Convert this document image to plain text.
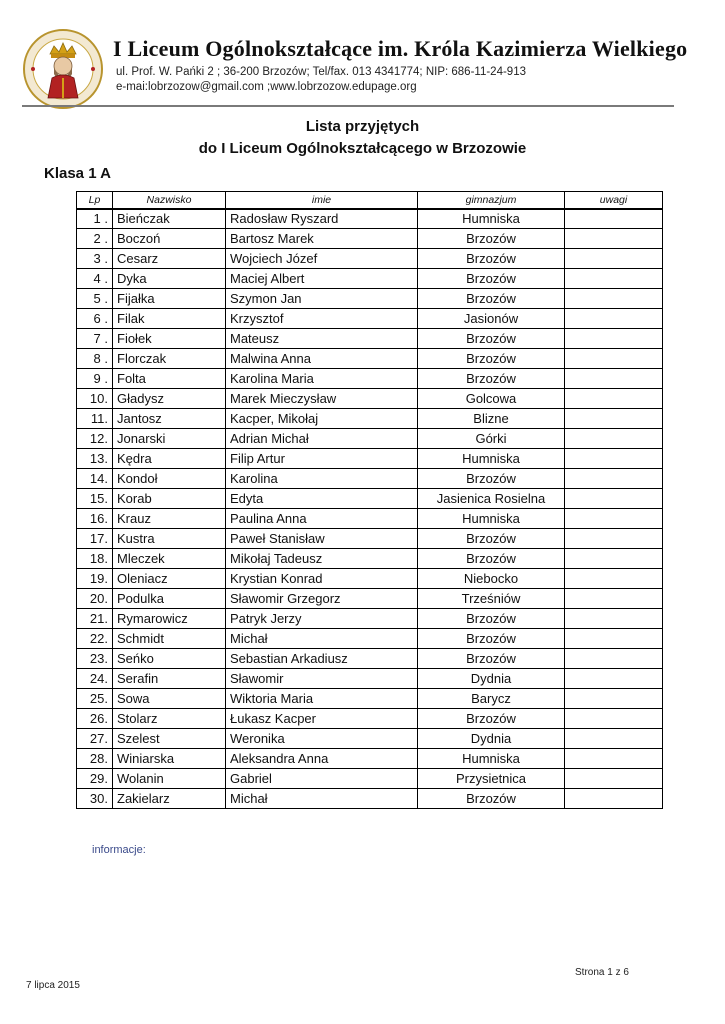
I Liceum Ogólnokształcące im. Króla Kazimierza Wielkiego
ul. Prof. W. Pańki 2 ; 36-200 Brzozów; Tel/fax. 013 4341774; NIP: 686-11-24-913
e-mai:lobrzozow@gmail.com ;www.lobrzozow.edupage.org
Lista przyjętych
do I Liceum Ogólnokształcącego w Brzozowie
Klasa 1 A
Lp	Nazwisko	imie	gimnazjum	uwagi
1 .	Bieńczak	Radosław Ryszard	Humniska	
2 .	Boczoń	Bartosz Marek	Brzozów	
3 .	Cesarz	Wojciech Józef	Brzozów	
4 .	Dyka	Maciej Albert	Brzozów	
5 .	Fijałka	Szymon Jan	Brzozów	
6 .	Filak	Krzysztof	Jasionów	
7 .	Fiołek	Mateusz	Brzozów	
8 .	Florczak	Malwina Anna	Brzozów	
9 .	Folta	Karolina Maria	Brzozów	
10.	Gładysz	Marek Mieczysław	Golcowa	
11.	Jantosz	Kacper, Mikołaj	Blizne	
12.	Jonarski	Adrian Michał	Górki	
13.	Kędra	Filip Artur	Humniska	
14.	Kondoł	Karolina	Brzozów	
15.	Korab	Edyta	Jasienica Rosielna	
16.	Krauz	Paulina Anna	Humniska	
17.	Kustra	Paweł Stanisław	Brzozów	
18.	Mleczek	Mikołaj Tadeusz	Brzozów	
19.	Oleniacz	Krystian Konrad	Niebocko	
20.	Podulka	Sławomir Grzegorz	Trześniów	
21.	Rymarowicz	Patryk Jerzy	Brzozów	
22.	Schmidt	Michał	Brzozów	
23.	Seńko	Sebastian Arkadiusz	Brzozów	
24.	Serafin	Sławomir	Dydnia	
25.	Sowa	Wiktoria Maria	Barycz	
26.	Stolarz	Łukasz Kacper	Brzozów	
27.	Szelest	Weronika	Dydnia	
28.	Winiarska	Aleksandra Anna	Humniska	
29.	Wolanin	Gabriel	Przysietnica	
30.	Zakielarz	Michał	Brzozów	
informacje:
Strona 1 z 6
7 lipca 2015
